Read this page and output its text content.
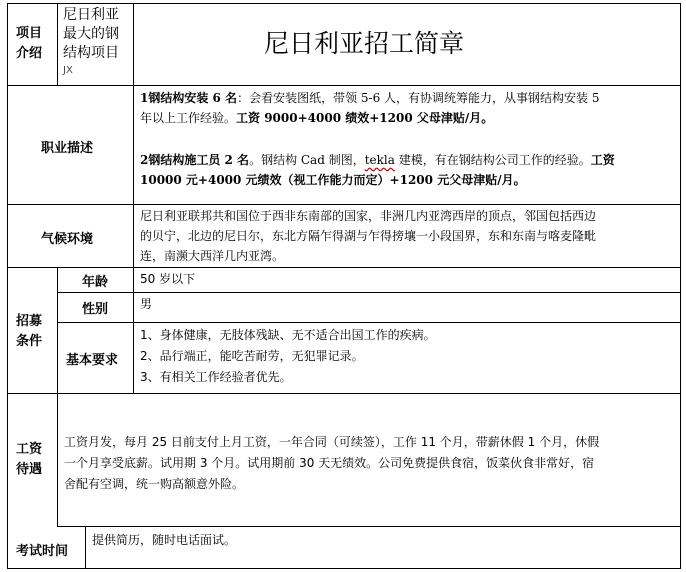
项目
介绍
尼日利亚
最大的钢
结构项目
JX
尼日利亚招工简章
职业描述
1钢结构安装 6 名：会看安装图纸，带领 5-6 人，有协调统筹能力，从事钢结构安装 5
年以上工作经验。工资 9000+4000 绩效+1200 父母津贴/月。
2钢结构施工员 2 名。钢结构 Cad 制图，tekla 建模，有在钢结构公司工作的经验。工资
10000 元+4000 元绩效（视工作能力而定）+1200 元父母津贴/月。
气候环境
尼日利亚联邦共和国位于西非东南部的国家，非洲几内亚湾西岸的顶点，邻国包括西边
的贝宁，北边的尼日尔，东北方隔乍得湖与乍得搒壤一小段国界，东和东南与喀麦隆毗
连，南濒大西洋几内亚湾。
招募
条件
年龄	50 岁以下
性别	男
基本要求
1、身体健康，无肢体残缺、无不适合出国工作的疾病。
2、品行端正，能吃苦耐劳，无犯罪记录。
3、有相关工作经验者优先。
工资
待遇
工资月发，每月 25 日前支付上月工资，一年合同（可续签），工作 11 个月，带薪休假 1 个月，休假
一个月享受底薪。试用期 3 个月。试用期前 30 天无绩效。公司免费提供食宿，饭菜伙食非常好，宿
舍配有空调，统一购高额意外险。
考试时间
提供简历，随时电话面试。
